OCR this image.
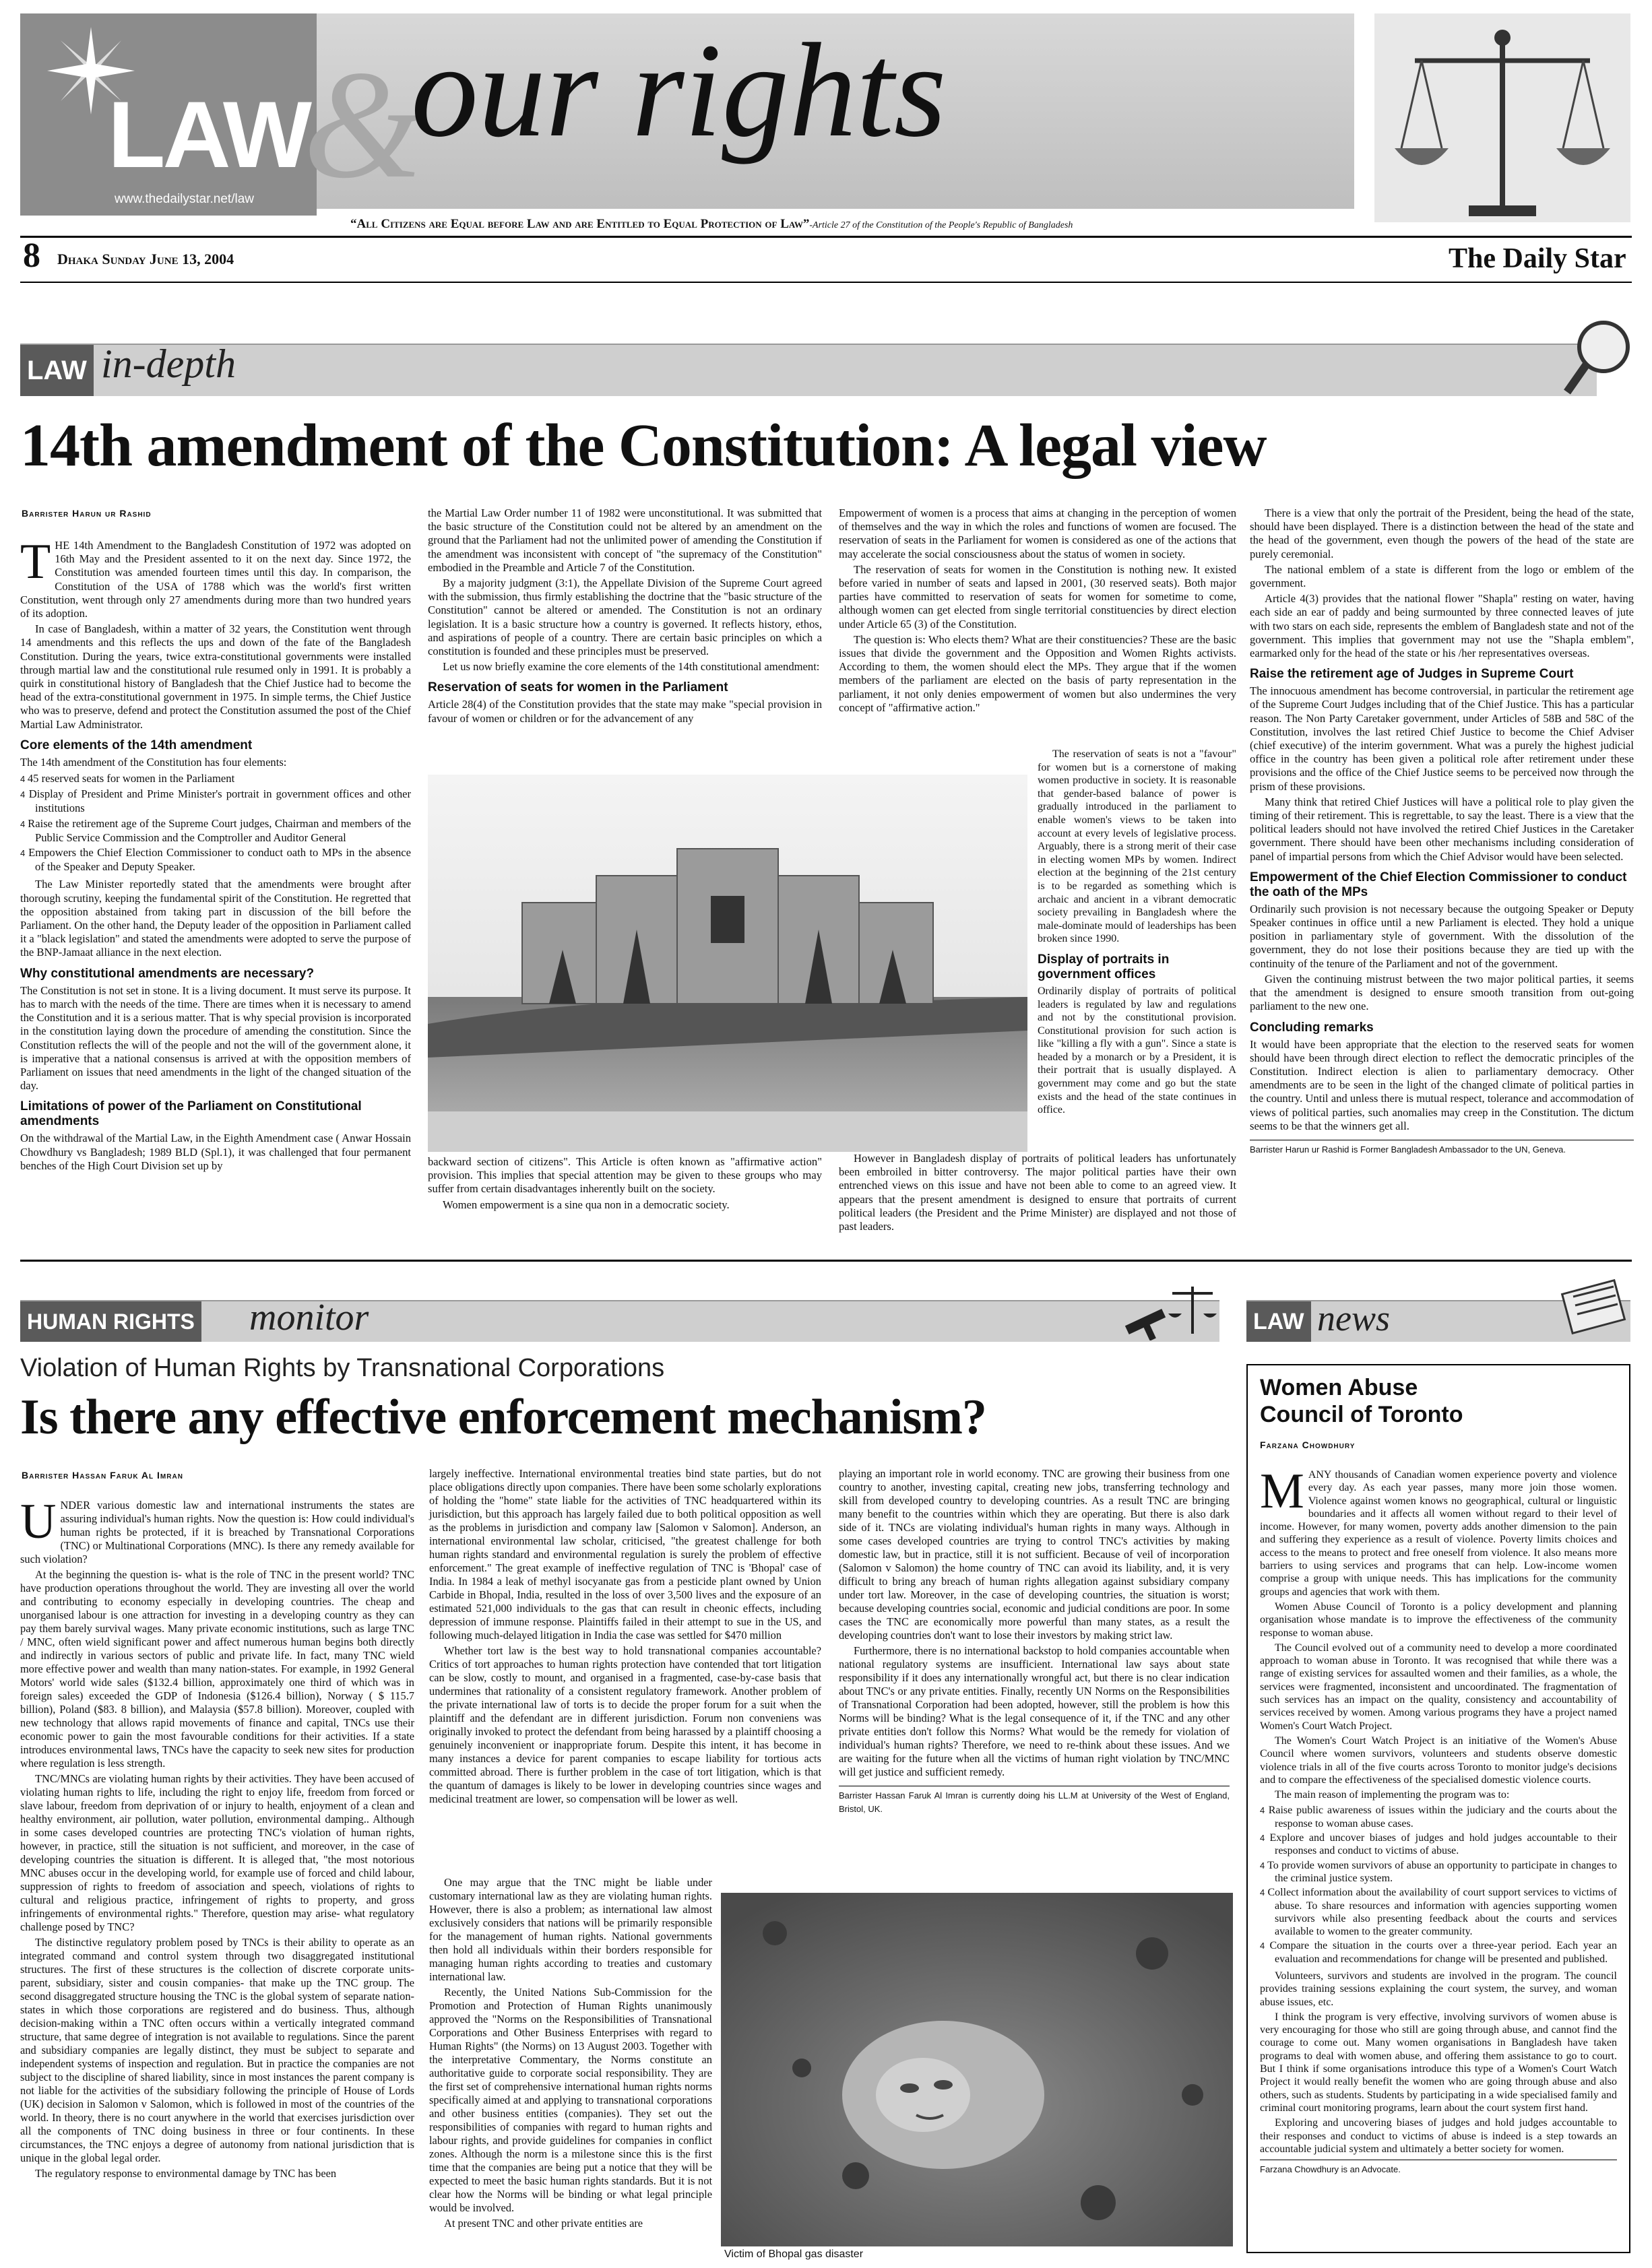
LAW
&
our rights
www.thedailystar.net/law
“All Citizens are Equal before Law and are Entitled to Equal Protection of Law”-Article 27 of the Constitution of the People's Republic of Bangladesh
8 Dhaka Sunday June 13, 2004	The Daily Star
LAW in-depth
14th amendment of the Constitution: A legal view
Barrister Harun ur Rashid
T HE 14th Amendment to the Bangladesh Constitution of 1972 was adopted on 16th May and the President assented to it on the next day. Since 1972, the Constitution was amended fourteen times until this day. In comparison, the Constitution of the USA of 1788 which was the world's first written Constitution, went through only 27 amendments during more than two hundred years of its adoption.

In case of Bangladesh, within a matter of 32 years, the Constitution went through 14 amendments and this reflects the ups and down of the fate of the Bangladesh Constitution. During the years, twice extra-constitutional governments were installed through martial law and the constitutional rule resumed only in 1991. It is probably a quirk in constitutional history of Bangladesh that the Chief Justice had to become the head of the extra-constitutional government in 1975. In simple terms, the Chief Justice who was to preserve, defend and protect the Constitution assumed the post of the Chief Martial Law Administrator.

Core elements of the 14th amendment

The 14th amendment of the Constitution has four elements:

4 45 reserved seats for women in the Parliament
4 Display of President and Prime Minister's portrait in government offices and other institutions
4 Raise the retirement age of the Supreme Court judges, Chairman and members of the Public Service Commission and the Comptroller and Auditor General
4 Empowers the Chief Election Commissioner to conduct oath to MPs in the absence of the Speaker and Deputy Speaker.

The Law Minister reportedly stated that the amendments were brought after thorough scrutiny, keeping the fundamental spirit of the Constitution. He regretted that the opposition abstained from taking part in discussion of the bill before the Parliament. On the other hand, the Deputy leader of the opposition in Parliament called it a "black legislation" and stated the amendments were adopted to serve the purpose of the BNP-Jamaat alliance in the next election.

Why constitutional amendments are necessary?

The Constitution is not set in stone. It is a living document. It must serve its purpose. It has to march with the needs of the time. There are times when it is necessary to amend the Constitution and it is a serious matter. That is why special provision is incorporated in the constitution laying down the procedure of amending the constitution. Since the Constitution reflects the will of the people and not the will of the government alone, it is imperative that a national consensus is arrived at with the opposition members of Parliament on issues that need amendments in the light of the changed situation of the day.

Limitations of power of the Parliament on Constitutional amendments

On the withdrawal of the Martial Law, in the Eighth Amendment case ( Anwar Hossain Chowdhury vs Bangladesh; 1989 BLD (Spl.1), it was challenged that four permanent benches of the High Court Division set up by

the Martial Law Order number 11 of 1982 were unconstitutional. It was submitted that the basic structure of the Constitution could not be altered by an amendment on the ground that the Parliament had not the unlimited power of amending the Constitution if the amendment was inconsistent with concept of "the supremacy of the Constitution" embodied in the Preamble and Article 7 of the Constitution.

By a majority judgment (3:1), the Appellate Division of the Supreme Court agreed with the submission, thus firmly establishing the doctrine that the "basic structure of the Constitution" cannot be altered or amended. The Constitution is not an ordinary legislation. It is a basic structure how a country is governed. It reflects history, ethos, and aspirations of people of a country. There are certain basic principles on which a constitution is founded and these principles must be preserved.

Let us now briefly examine the core elements of the 14th constitutional amendment:

Reservation of seats for women in the Parliament

Article 28(4) of the Constitution provides that the state may make "special provision in favour of women or children or for the advancement of any

backward section of citizens". This Article is often known as "affirmative action" provision. This implies that special attention may be given to these groups who may suffer from certain disadvantages inherently built on the society.

Women empowerment is a sine qua non in a democratic society.

Empowerment of women is a process that aims at changing in the perception of women of themselves and the way in which the roles and functions of women are focused. The reservation of seats in the Parliament for women is considered as one of the actions that may accelerate the social consciousness about the status of women in society.

The reservation of seats for women in the Constitution is nothing new. It existed before varied in number of seats and lapsed in 2001, (30 reserved seats). Both major parties have committed to reservation of seats for women for sometime to come, although women can get elected from single territorial constituencies by direct election under Article 65 (3) of the Constitution.

The question is: Who elects them? What are their constituencies? These are the basic issues that divide the government and the Opposition and Women Rights activists. According to them, the women should elect the MPs. They argue that if the women members of the parliament are elected on the basis of party representation in the parliament, it not only denies empowerment of women but also undermines the very concept of "affirmative action."

The reservation of seats is not a "favour" for women but is a cornerstone of making women productive in society. It is reasonable that gender-based balance of power is gradually introduced in the parliament to enable women's views to be taken into account at every levels of legislative process. Arguably, there is a strong merit of their case in electing women MPs by women. Indirect election at the beginning of the 21st century is to be regarded as something which is archaic and ancient in a vibrant democratic society prevailing in Bangladesh where the male-dominate mould of leaderships has been broken since 1990.

Display of portraits in government offices

Ordinarily display of portraits of political leaders is regulated by law and regulations and not by the constitutional provision. Constitutional provision for such action is like "killing a fly with a gun". Since a state is headed by a monarch or by a President, it is their portrait that is usually displayed. A government may come and go but the state exists and the head of the state continues in office.

However in Bangladesh display of portraits of political leaders has unfortunately been embroiled in bitter controversy. The major political parties have their own entrenched views on this issue and have not been able to come to an agreed view. It appears that the present amendment is designed to ensure that portraits of current political leaders (the President and the Prime Minister) are displayed and not those of past leaders.

There is a view that only the portrait of the President, being the head of the state, should have been displayed. There is a distinction between the head of the state and the head of the government, even though the powers of the head of the state are purely ceremonial.

The national emblem of a state is different from the logo or emblem of the government.

Article 4(3) provides that the national flower "Shapla" resting on water, having each side an ear of paddy and being surmounted by three connected leaves of jute with two stars on each side, represents the emblem of Bangladesh state and not of the government. This implies that government may not use the "Shapla emblem", earmarked only for the head of the state or his /her representatives overseas.

Raise the retirement age of Judges in Supreme Court

The innocuous amendment has become controversial, in particular the retirement age of the Supreme Court Judges including that of the Chief Justice. This has a particular reason. The Non Party Caretaker government, under Articles of 58B and 58C of the Constitution, involves the last retired Chief Justice to become the Chief Adviser (chief executive) of the interim government. What was a purely the highest judicial office in the country has been given a political role after retirement under these provisions and the office of the Chief Justice seems to be perceived now through the prism of these provisions.

Many think that retired Chief Justices will have a political role to play given the timing of their retirement. This is regrettable, to say the least. There is a view that the political leaders should not have involved the retired Chief Justices in the Caretaker government. There should have been other mechanisms including consideration of panel of impartial persons from which the Chief Advisor would have been selected.

Empowerment of the Chief Election Commissioner to conduct the oath of the MPs

Ordinarily such provision is not necessary because the outgoing Speaker or Deputy Speaker continues in office until a new Parliament is elected. They hold a unique position in parliamentary style of government. With the dissolution of the government, they do not lose their positions because they are tied up with the continuity of the tenure of the Parliament and not of the government.

Given the continuing mistrust between the two major political parties, it seems that the amendment is designed to ensure smooth transition from out-going parliament to the new one.

Concluding remarks

It would have been appropriate that the election to the reserved seats for women should have been through direct election to reflect the democratic principles of the Constitution. Indirect election is alien to parliamentary democracy. Other amendments are to be seen in the light of the changed climate of political parties in the country. Until and unless there is mutual respect, tolerance and accommodation of views of political parties, such anomalies may creep in the Constitution. The dictum seems to be that the winners get all.

Barrister Harun ur Rashid is Former Bangladesh Ambassador to the UN, Geneva.
HUMAN RIGHTS monitor
Violation of Human Rights by Transnational Corporations
Is there any effective enforcement mechanism?
Barrister Hassan Faruk Al Imran
U NDER various domestic law and international instruments the states are assuring individual's human rights. Now the question is: How could individual's human rights be protected, if it is breached by Transnational Corporations (TNC) or Multinational Corporations (MNC). Is there any remedy available for such violation?

At the beginning the question is- what is the role of TNC in the present world? TNC have production operations throughout the world. They are investing all over the world and contributing to economy especially in developing countries. The cheap and unorganised labour is one attraction for investing in a developing country as they can pay them barely survival wages. Many private economic institutions, such as large TNC / MNC, often wield significant power and affect numerous human begins both directly and indirectly in various sectors of public and private life. In fact, many TNC wield more effective power and wealth than many nation-states. For example, in 1992 General Motors' world wide sales ($132.4 billion, approximately one third of which was in foreign sales) exceeded the GDP of Indonesia ($126.4 billion), Norway ( $ 115.7 billion), Poland ($83. 8 billion), and Malaysia ($57.8 billion). Moreover, coupled with new technology that allows rapid movements of finance and capital, TNCs use their economic power to gain the most favourable conditions for their activities. If a state introduces environmental laws, TNCs have the capacity to seek new sites for production where regulation is less strength.

TNC/MNCs are violating human rights by their activities. They have been accused of violating human rights to life, including the right to enjoy life, freedom from forced or slave labour, freedom from deprivation of or injury to health, enjoyment of a clean and healthy environment, air pollution, water pollution, environmental damping.. Although in some cases developed countries are protecting TNC's violation of human rights, however, in practice, still the situation is not sufficient, and moreover, in the case of developing countries the situation is different. It is alleged that, "the most notorious MNC abuses occur in the developing world, for example use of forced and child labour, suppression of rights to freedom of association and speech, violations of rights to cultural and religious practice, infringement of rights to property, and gross infringements of environmental rights." Therefore, question may arise- what regulatory challenge posed by TNC?

The distinctive regulatory problem posed by TNCs is their ability to operate as an integrated command and control system through two disaggregated institutional structures. The first of these structures is the collection of discrete corporate units- parent, subsidiary, sister and cousin companies- that make up the TNC group. The second disaggregated structure housing the TNC is the global system of separate nation-states in which those corporations are registered and do business. Thus, although decision-making within a TNC often occurs within a vertically integrated command structure, that same degree of integration is not available to regulations. Since the parent and subsidiary companies are legally distinct, they must be subject to separate and independent systems of inspection and regulation. But in practice the companies are not subject to the discipline of shared liability, since in most instances the parent company is not liable for the activities of the subsidiary following the principle of House of Lords (UK) decision in Salomon v Salomon, which is followed in most of the countries of the world. In theory, there is no court anywhere in the world that exercises jurisdiction over all the components of TNC doing business in three or four continents. In these circumstances, the TNC enjoys a degree of autonomy from national jurisdiction that is unique in the global legal order.

The regulatory response to environmental damage by TNC has been

largely ineffective. International environmental treaties bind state parties, but do not place obligations directly upon companies. There have been some scholarly explorations of holding the "home" state liable for the activities of TNC headquartered within its jurisdiction, but this approach has largely failed due to both political opposition as well as the problems in jurisdiction and company law [Salomon v Salomon]. Anderson, an international environmental law scholar, criticised, "the greatest challenge for both human rights standard and environmental regulation is surely the problem of effective enforcement." The great example of ineffective regulation of TNC is 'Bhopal' case of India. In 1984 a leak of methyl isocyanate gas from a pesticide plant owned by Union Carbide in Bhopal, India, resulted in the loss of over 3,500 lives and the exposure of an estimated 521,000 individuals to the gas that can result in cheonic effects, including depression of immune response. Plaintiffs failed in their attempt to sue in the US, and following much-delayed litigation in India the case was settled for $470 million

Whether tort law is the best way to hold transnational companies accountable? Critics of tort approaches to human rights protection have contended that tort litigation can be slow, costly to mount, and organised in a fragmented, case-by-case basis that undermines that rationality of a consistent regulatory framework. Another problem of the private international law of torts is to decide the proper forum for a suit when the plaintiff and the defendant are in different jurisdiction. Forum non conveniens was originally invoked to protect the defendant from being harassed by a plaintiff choosing a genuinely inconvenient or inappropriate forum. Despite this intent, it has become in many instances a device for parent companies to escape liability for tortious acts committed abroad. There is further problem in the case of tort litigation, which is that the quantum of damages is likely to be lower in developing countries since wages and medicinal treatment are lower, so compensation will be lower as well.

One may argue that the TNC might be liable under customary international law as they are violating human rights. However, there is also a problem; as international law almost exclusively considers that nations will be primarily responsible for the management of human rights. National governments then hold all individuals within their borders responsible for managing human rights according to treaties and customary international law.

Recently, the United Nations Sub-Commission for the Promotion and Protection of Human Rights unanimously approved the "Norms on the Responsibilities of Transnational Corporations and Other Business Enterprises with regard to Human Rights" (the Norms) on 13 August 2003. Together with the interpretative Commentary, the Norms constitute an authoritative guide to corporate social responsibility. They are the first set of comprehensive international human rights norms specifically aimed at and applying to transnational corporations and other business entities (companies). They set out the responsibilities of companies with regard to human rights and labour rights, and provide guidelines for companies in conflict zones. Although the norm is a milestone since this is the first time that the companies are being put a notice that they will be expected to meet the basic human rights standards. But it is not clear how the Norms will be binding or what legal principle would be involved.

At present TNC and other private entities are

playing an important role in world economy. TNC are growing their business from one country to another, investing capital, creating new jobs, transferring technology and skill from developed country to developing countries. As a result TNC are bringing many benefit to the countries within which they are operating. But there is also dark side of it. TNCs are violating individual's human rights in many ways. Although in some cases developed countries are trying to control TNC's activities by making domestic law, but in practice, still it is not sufficient. Because of veil of incorporation (Salomon v Salomon) the home country of TNC can avoid its liability, and, it is very difficult to bring any breach of human rights allegation against subsidiary company under tort law. Moreover, in the case of developing countries, the situation is worst; because developing countries social, economic and judicial conditions are poor. In some cases the TNC are economically more powerful than many states, as a result the developing countries don't want to lose their investors by making strict law.

Furthermore, there is no international backstop to hold companies accountable when national regulatory systems are insufficient. International law says about state responsibility if it does any internationally wrongful act, but there is no clear indication about TNC's or any private entities. Finally, recently UN Norms on the Responsibilities of Transnational Corporation had been adopted, however, still the problem is how this Norms will be binding? What is the legal consequence of it, if the TNC and any other private entities don't follow this Norms? What would be the remedy for violation of individual's human rights? Therefore, we need to re-think about these issues. And we are waiting for the future when all the victims of human right violation by TNC/MNC will get justice and sufficient remedy.

Barrister Hassan Faruk Al Imran is currently doing his LL.M at University of the West of England, Bristol, UK.
Victim of Bhopal gas disaster
LAW news
Women Abuse Council of Toronto
Farzana Chowdhury
M ANY thousands of Canadian women experience poverty and violence every day. As each year passes, many more join those women. Violence against women knows no geographical, cultural or linguistic boundaries and it affects all women without regard to their level of income. However, for many women, poverty adds another dimension to the pain and suffering they experience as a result of violence. Poverty limits choices and access to the means to protect and free oneself from violence. It also means more barriers to using services and programs that can help. Low-income women comprise a group with unique needs. This has implications for the community groups and agencies that work with them.

Women Abuse Council of Toronto is a policy development and planning organisation whose mandate is to improve the effectiveness of the community response to woman abuse.

The Council evolved out of a community need to develop a more coordinated approach to woman abuse in Toronto. It was recognised that while there was a range of existing services for assaulted women and their families, as a whole, the services were fragmented, inconsistent and uncoordinated. The fragmentation of such services has an impact on the quality, consistency and accountability of services received by women. Among various programs they have a project named Women's Court Watch Project.

The Women's Court Watch Project is an initiative of the Women's Abuse Council where women survivors, volunteers and students observe domestic violence trials in all of the five courts across Toronto to monitor judge's decisions and to compare the effectiveness of the specialised domestic violence courts.

The main reason of implementing the program was to:

4 Raise public awareness of issues within the judiciary and the courts about the response to woman abuse cases.
4 Explore and uncover biases of judges and hold judges accountable to their responses and conduct to victims of abuse.
4 To provide women survivors of abuse an opportunity to participate in changes to the criminal justice system.
4 Collect information about the availability of court support services to victims of abuse. To share resources and information with agencies supporting women survivors while also presenting feedback about the courts and services available to women to the greater community.
4 Compare the situation in the courts over a three-year period. Each year an evaluation and recommendations for change will be presented and published.

Volunteers, survivors and students are involved in the program. The council provides training sessions explaining the court system, the survey, and woman abuse issues, etc.

I think the program is very effective, involving survivors of women abuse is very encouraging for those who still are going through abuse, and cannot find the courage to come out. Many women organisations in Bangladesh have taken programs to deal with women abuse, and offering them assistance to go to court. But I think if some organisations introduce this type of a Women's Court Watch Project it would really benefit the women who are going through abuse and also others, such as students. Students by participating in a wide specialised family and criminal court monitoring programs, learn about the court system first hand.

Exploring and uncovering biases of judges and hold judges accountable to their responses and conduct to victims of abuse is indeed is a step towards an accountable judicial system and ultimately a better society for women.

Farzana Chowdhury is an Advocate.
